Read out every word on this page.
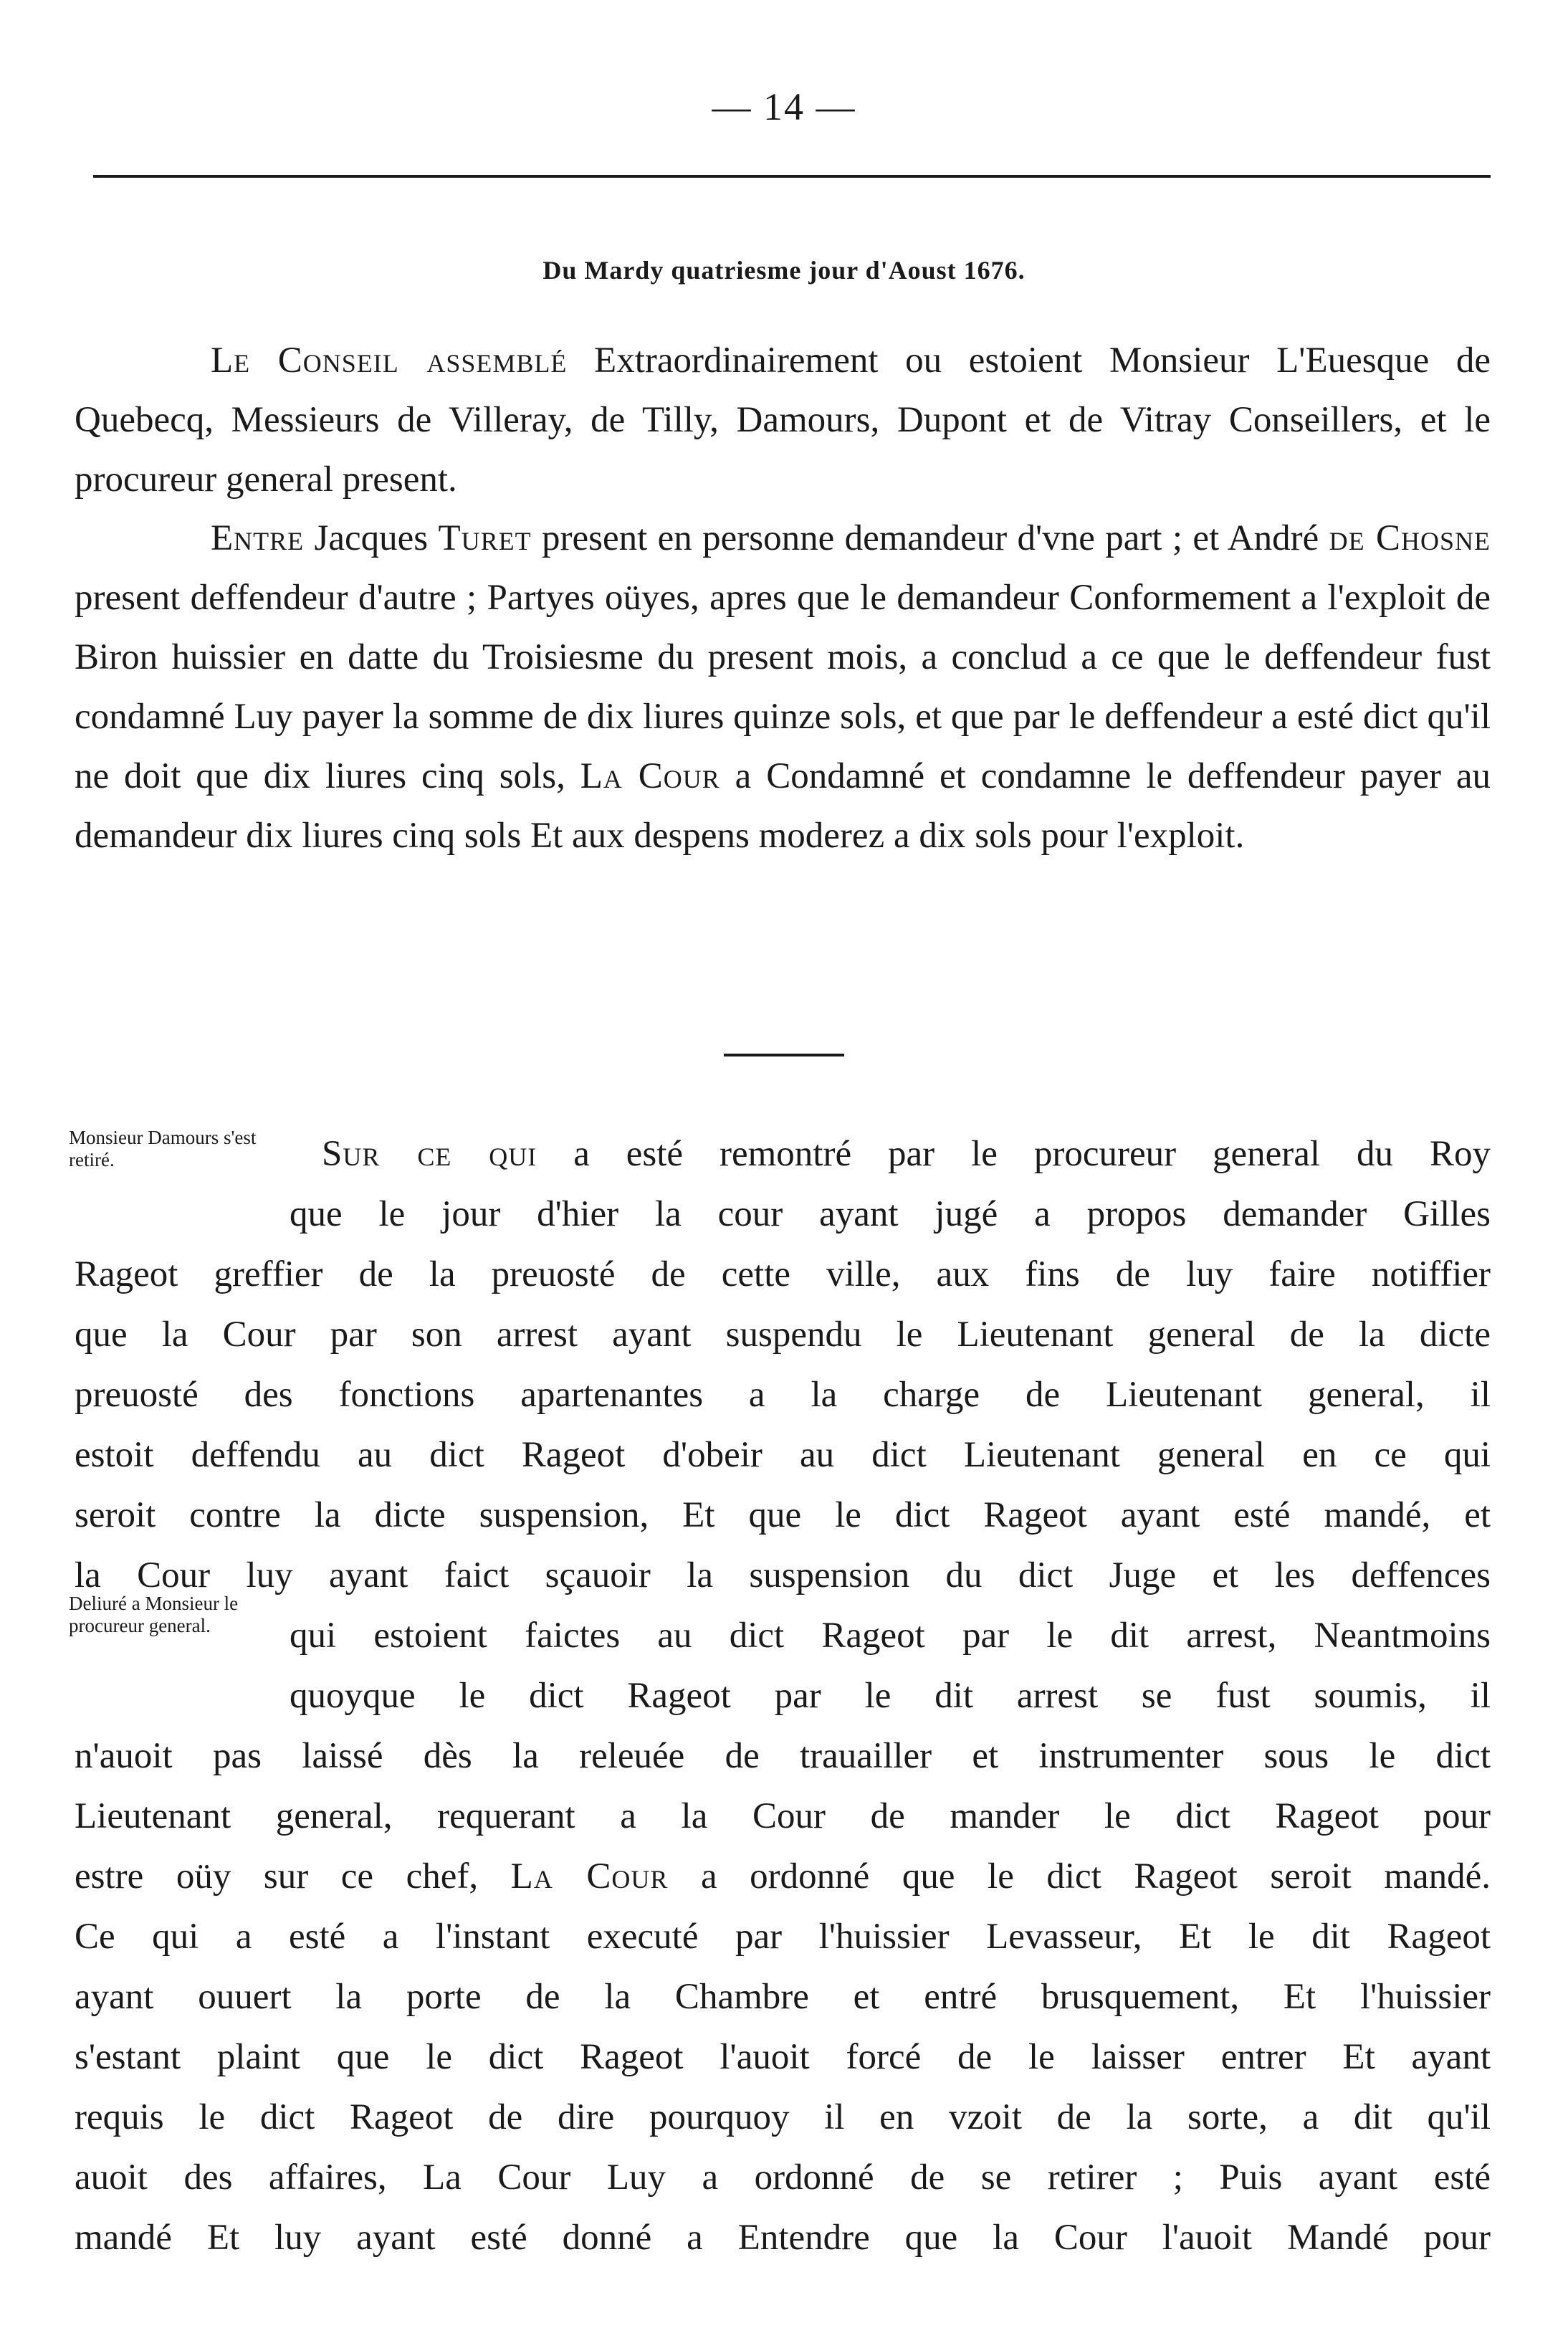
— 14 —
Du Mardy quatriesme jour d'Aoust 1676.

Le Conseil assemblé Extraordinairement ou estoient Monsieur L'Euesque de Quebecq, Messieurs de Villeray, de Tilly, Damours, Dupont et de Vitray Conseillers, et le procureur general present.

Entre Jacques Turet present en personne demandeur d'vne part ; et André de Chosne present deffendeur d'autre ; Partyes oüyes, apres que le demandeur Conformement a l'exploit de Biron huissier en datte du Troisiesme du present mois, a conclud a ce que le deffendeur fust condamné Luy payer la somme de dix liures quinze sols, et que par le deffendeur a esté dict qu'il ne doit que dix liures cinq sols, La Cour a Condamné et condamne le deffendeur payer au demandeur dix liures cinq sols Et aux despens moderez a dix sols pour l'exploit.

Monsieur Damours s'est retiré.
Deliuré a Monsieur le procureur general.
Sur ce qui a esté remontré par le procureur general du Roy
que le jour d'hier la cour ayant jugé a propos demander Gilles
Rageot greffier de la preuosté de cette ville, aux fins de luy faire notiffier
que la Cour par son arrest ayant suspendu le Lieutenant general de la dicte
preuosté des fonctions apartenantes a la charge de Lieutenant general, il
estoit deffendu au dict Rageot d'obeir au dict Lieutenant general en ce qui
seroit contre la dicte suspension, Et que le dict Rageot ayant esté mandé, et
la Cour luy ayant faict sçauoir la suspension du dict Juge et les deffences
qui estoient faictes au dict Rageot par le dit arrest, Neantmoins
quoyque le dict Rageot par le dit arrest se fust soumis, il
n'auoit pas laissé dès la releuée de trauailler et instrumenter sous le dict
Lieutenant general, requerant a la Cour de mander le dict Rageot pour
estre oüy sur ce chef, La Cour a ordonné que le dict Rageot seroit mandé.
Ce qui a esté a l'instant executé par l'huissier Levasseur, Et le dit Rageot
ayant ouuert la porte de la Chambre et entré brusquement, Et l'huissier
s'estant plaint que le dict Rageot l'auoit forcé de le laisser entrer Et ayant
requis le dict Rageot de dire pourquoy il en vzoit de la sorte, a dit qu'il
auoit des affaires, La Cour Luy a ordonné de se retirer ; Puis ayant esté
mandé Et luy ayant esté donné a Entendre que la Cour l'auoit Mandé pour
